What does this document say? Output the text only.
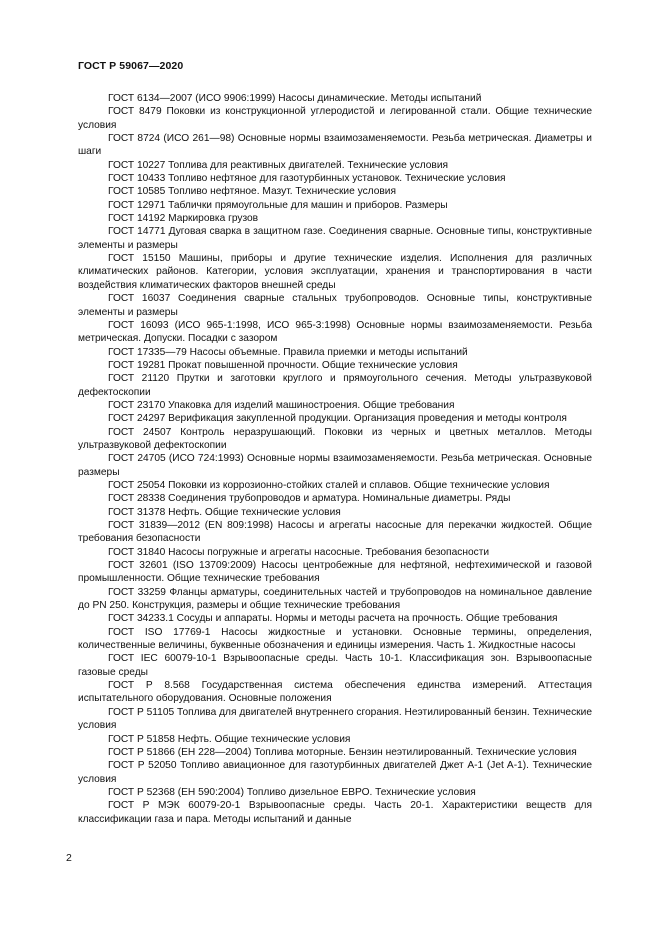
ГОСТ Р 59067—2020

ГОСТ 6134—2007 (ИСО 9906:1999) Насосы динамические. Методы испытаний

ГОСТ 8479 Поковки из конструкционной углеродистой и легированной стали. Общие технические условия

ГОСТ 8724 (ИСО 261—98) Основные нормы взаимозаменяемости. Резьба метрическая. Диаметры и шаги

ГОСТ 10227 Топлива для реактивных двигателей. Технические условия

ГОСТ 10433 Топливо нефтяное для газотурбинных установок. Технические условия

ГОСТ 10585 Топливо нефтяное. Мазут. Технические условия

ГОСТ 12971 Таблички прямоугольные для машин и приборов. Размеры

ГОСТ 14192 Маркировка грузов

ГОСТ 14771 Дуговая сварка в защитном газе. Соединения сварные. Основные типы, конструктивные элементы и размеры

ГОСТ 15150 Машины, приборы и другие технические изделия. Исполнения для различных климатических районов. Категории, условия эксплуатации, хранения и транспортирования в части воздействия климатических факторов внешней среды

ГОСТ 16037 Соединения сварные стальных трубопроводов. Основные типы, конструктивные элементы и размеры

ГОСТ 16093 (ИСО 965-1:1998, ИСО 965-3:1998) Основные нормы взаимозаменяемости. Резьба метрическая. Допуски. Посадки с зазором

ГОСТ 17335—79 Насосы объемные. Правила приемки и методы испытаний

ГОСТ 19281 Прокат повышенной прочности. Общие технические условия

ГОСТ 21120 Прутки и заготовки круглого и прямоугольного сечения. Методы ультразвуковой дефектоскопии

ГОСТ 23170 Упаковка для изделий машиностроения. Общие требования

ГОСТ 24297 Верификация закупленной продукции. Организация проведения и методы контроля

ГОСТ 24507 Контроль неразрушающий. Поковки из черных и цветных металлов. Методы ультразвуковой дефектоскопии

ГОСТ 24705 (ИСО 724:1993) Основные нормы взаимозаменяемости. Резьба метрическая. Основные размеры

ГОСТ 25054 Поковки из коррозионно-стойких сталей и сплавов. Общие технические условия

ГОСТ 28338 Соединения трубопроводов и арматура. Номинальные диаметры. Ряды

ГОСТ 31378 Нефть. Общие технические условия

ГОСТ 31839—2012 (EN 809:1998) Насосы и агрегаты насосные для перекачки жидкостей. Общие требования безопасности

ГОСТ 31840 Насосы погружные и агрегаты насосные. Требования безопасности

ГОСТ 32601 (ISO 13709:2009) Насосы центробежные для нефтяной, нефтехимической и газовой промышленности. Общие технические требования

ГОСТ 33259 Фланцы арматуры, соединительных частей и трубопроводов на номинальное давление до PN 250. Конструкция, размеры и общие технические требования

ГОСТ 34233.1 Сосуды и аппараты. Нормы и методы расчета на прочность. Общие требования

ГОСТ ISO 17769-1 Насосы жидкостные и установки. Основные термины, определения, количественные величины, буквенные обозначения и единицы измерения. Часть 1. Жидкостные насосы

ГОСТ IEC 60079-10-1 Взрывоопасные среды. Часть 10-1. Классификация зон. Взрывоопасные газовые среды

ГОСТ Р 8.568 Государственная система обеспечения единства измерений. Аттестация испытательного оборудования. Основные положения

ГОСТ Р 51105 Топлива для двигателей внутреннего сгорания. Неэтилированный бензин. Технические условия

ГОСТ Р 51858 Нефть. Общие технические условия

ГОСТ Р 51866 (ЕН 228—2004) Топлива моторные. Бензин неэтилированный. Технические условия

ГОСТ Р 52050 Топливо авиационное для газотурбинных двигателей Джет А-1 (Jet A-1). Технические условия

ГОСТ Р 52368 (ЕН 590:2004) Топливо дизельное ЕВРО. Технические условия

ГОСТ Р МЭК 60079-20-1 Взрывоопасные среды. Часть 20-1. Характеристики веществ для классификации газа и пара. Методы испытаний и данные

2
